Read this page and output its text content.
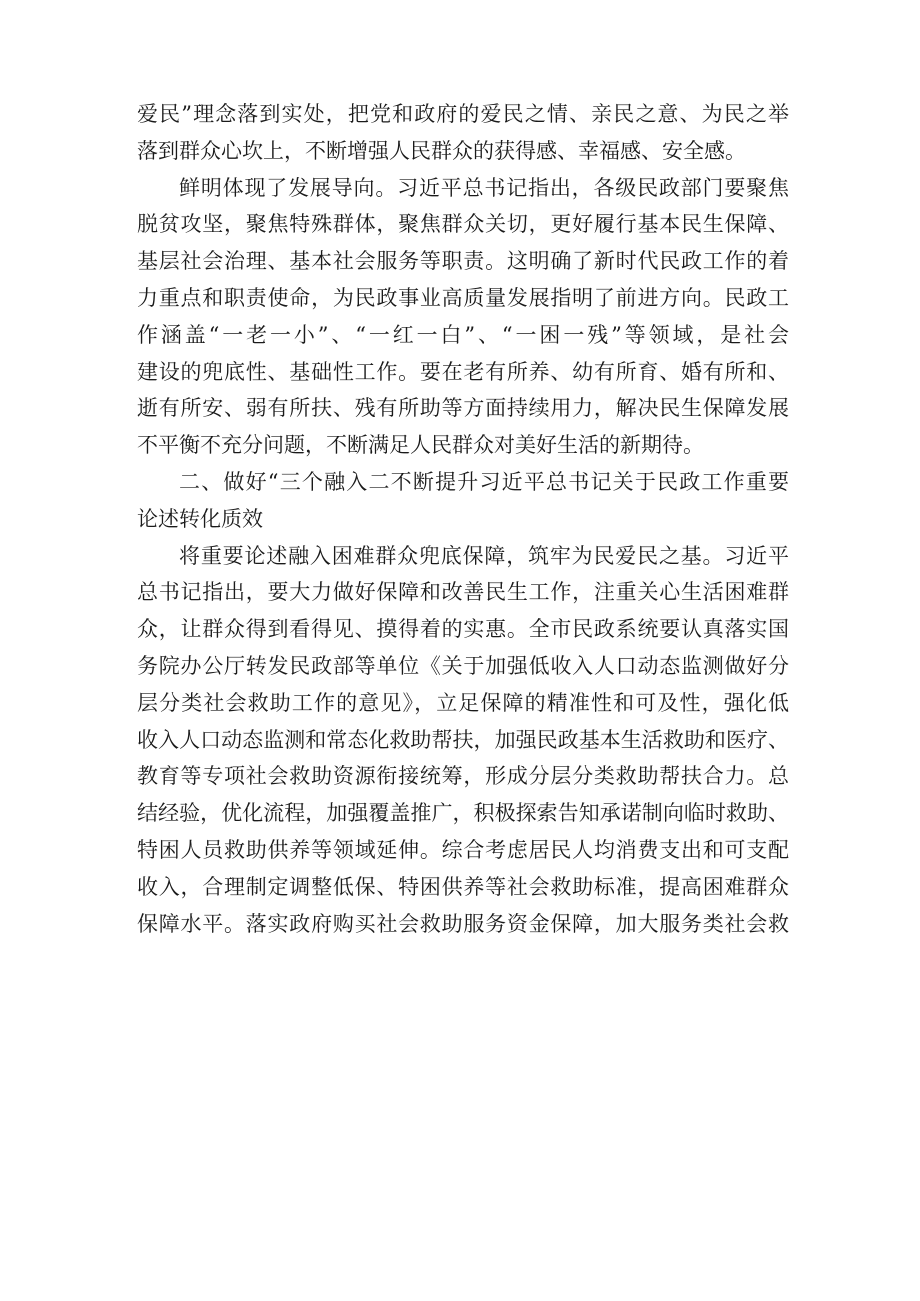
爱民”理念落到实处，把党和政府的爱民之情、亲民之意、为民之举
落到群众心坎上，不断增强人民群众的获得感、幸福感、安全感。
鲜明体现了发展导向。习近平总书记指出，各级民政部门要聚焦
脱贫攻坚，聚焦特殊群体，聚焦群众关切，更好履行基本民生保障、
基层社会治理、基本社会服务等职责。这明确了新时代民政工作的着
力重点和职责使命，为民政事业高质量发展指明了前进方向。民政工
作涵盖“一老一小”、“一红一白”、“一困一残”等领域，是社会
建设的兜底性、基础性工作。要在老有所养、幼有所育、婚有所和、
逝有所安、弱有所扶、残有所助等方面持续用力，解决民生保障发展
不平衡不充分问题，不断满足人民群众对美好生活的新期待。
二、做好“三个融入二不断提升习近平总书记关于民政工作重要
论述转化质效
将重要论述融入困难群众兜底保障，筑牢为民爱民之基。习近平
总书记指出，要大力做好保障和改善民生工作，注重关心生活困难群
众，让群众得到看得见、摸得着的实惠。全市民政系统要认真落实国
务院办公厅转发民政部等单位《关于加强低收入人口动态监测做好分
层分类社会救助工作的意见》，立足保障的精准性和可及性，强化低
收入人口动态监测和常态化救助帮扶，加强民政基本生活救助和医疗、
教育等专项社会救助资源衔接统筹，形成分层分类救助帮扶合力。总
结经验，优化流程，加强覆盖推广，积极探索告知承诺制向临时救助、
特困人员救助供养等领域延伸。综合考虑居民人均消费支出和可支配
收入，合理制定调整低保、特困供养等社会救助标准，提高困难群众
保障水平。落实政府购买社会救助服务资金保障，加大服务类社会救
